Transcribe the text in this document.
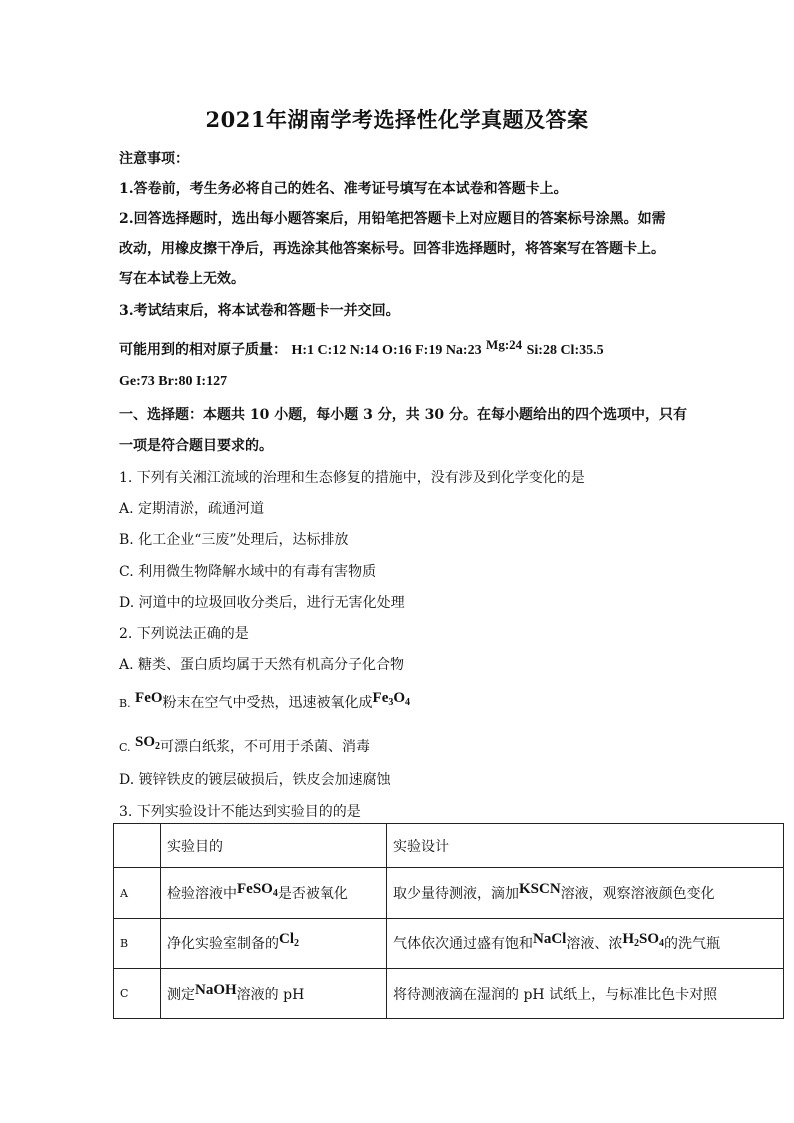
2021年湖南学考选择性化学真题及答案
注意事项：
1.答卷前，考生务必将自己的姓名、准考证号填写在本试卷和答题卡上。
2.回答选择题时，选出每小题答案后，用铅笔把答题卡上对应题目的答案标号涂黑。如需
改动，用橡皮擦干净后，再选涂其他答案标号。回答非选择题时，将答案写在答题卡上。
写在本试卷上无效。
3.考试结束后，将本试卷和答题卡一并交回。
可能用到的相对原子质量： H:1 C:12 N:14 O:16 F:19 Na:23 Mg:24 Si:28 Cl:35.5
Ge:73 Br:80 I:127
一、选择题：本题共 10 小题，每小题 3 分，共 30 分。在每小题给出的四个选项中，只有
一项是符合题目要求的。
1. 下列有关湘江流域的治理和生态修复的措施中，没有涉及到化学变化的是
A. 定期清淤，疏通河道
B. 化工企业“三废”处理后，达标排放
C. 利用微生物降解水域中的有毒有害物质
D. 河道中的垃圾回收分类后，进行无害化处理
2. 下列说法正确的是
A. 糖类、蛋白质均属于天然有机高分子化合物
B. FeO粉末在空气中受热，迅速被氧化成$Fe_3O_4$
C. $SO_2$可漂白纸浆，不可用于杀菌、消毒
D. 镀锌铁皮的镀层破损后，铁皮会加速腐蚀
3. 下列实验设计不能达到实验目的的是
	实验目的	实验设计
A	检验溶液中FeSO$_4$是否被氧化	取少量待测液，滴加KSCN溶液，观察溶液颜色变化
B	净化实验室制备的$Cl_2$	气体依次通过盛有饱和NaCl溶液、浓$H_2SO_4$的洗气瓶
C	测定NaOH溶液的 pH	将待测液滴在湿润的 pH 试纸上，与标准比色卡对照
